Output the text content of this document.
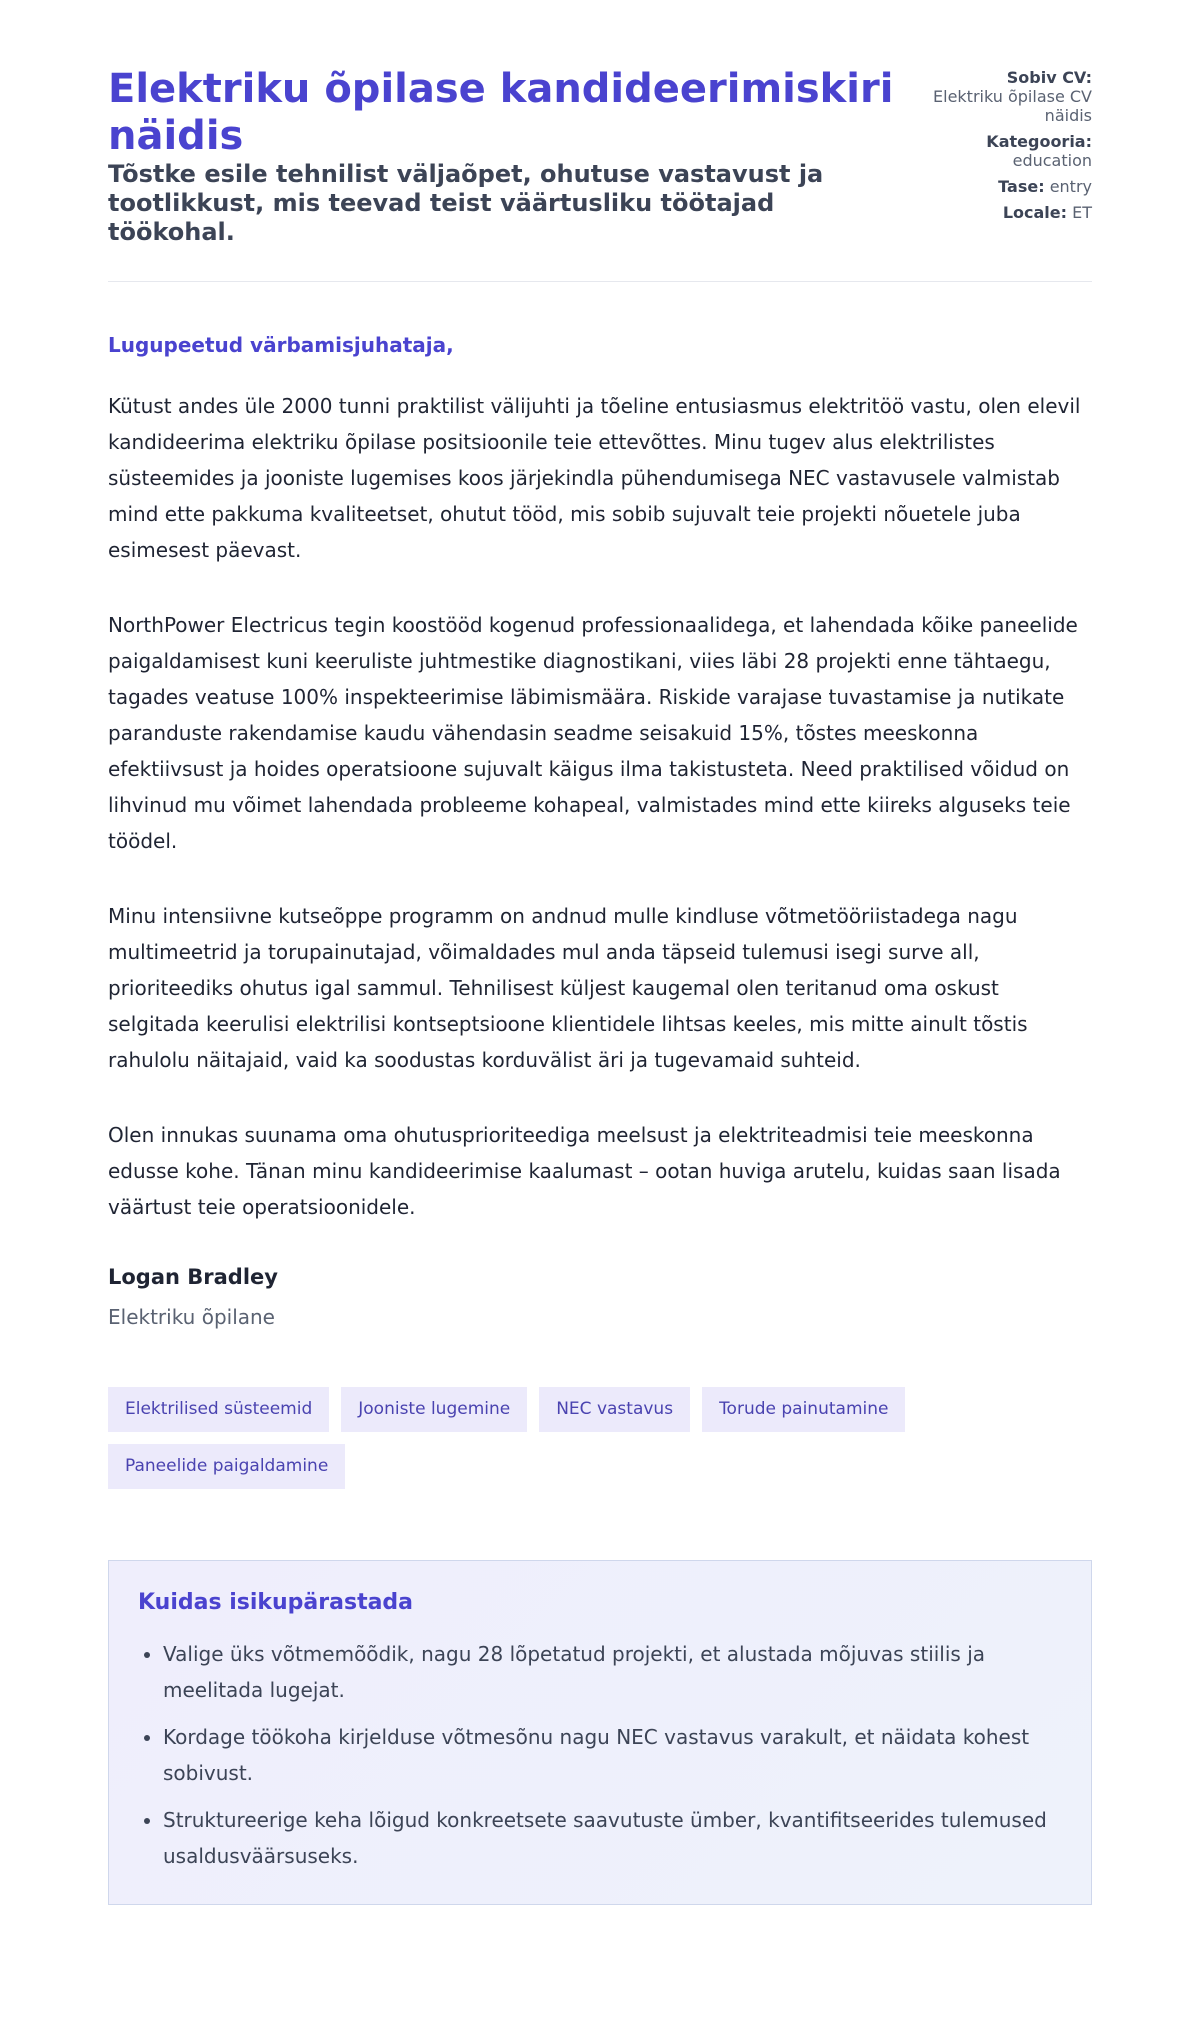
Elektriku õpilase kandideerimiskiri näidis
Tõstke esile tehnilist väljaõpet, ohutuse vastavust ja tootlikkust, mis teevad teist väärtusliku töötajad töökohal.
Sobiv CV:
Elektriku õpilase CV näidis
Kategooria:
education
Tase: entry
Locale: ET
Lugupeetud värbamisjuhataja,

Kütust andes üle 2000 tunni praktilist välijuhti ja tõeline entusiasmus elektritöö vastu, olen elevil kandideerima elektriku õpilase positsioonile teie ettevõttes. Minu tugev alus elektrilistes süsteemides ja jooniste lugemises koos järjekindla pühendumisega NEC vastavusele valmistab mind ette pakkuma kvaliteetset, ohutut tööd, mis sobib sujuvalt teie projekti nõuetele juba esimesest päevast.

NorthPower Electricus tegin koostööd kogenud professionaalidega, et lahendada kõike paneelide paigaldamisest kuni keeruliste juhtmestike diagnostikani, viies läbi 28 projekti enne tähtaegu, tagades veatuse 100% inspekteerimise läbimismäära. Riskide varajase tuvastamise ja nutikate paranduste rakendamise kaudu vähendasin seadme seisakuid 15%, tõstes meeskonna efektiivsust ja hoides operatsioone sujuvalt käigus ilma takistusteta. Need praktilised võidud on lihvinud mu võimet lahendada probleeme kohapeal, valmistades mind ette kiireks alguseks teie töödel.

Minu intensiivne kutseõppe programm on andnud mulle kindluse võtmetööriistadega nagu multimeetrid ja torupainutajad, võimaldades mul anda täpseid tulemusi isegi surve all, prioriteediks ohutus igal sammul. Tehnilisest küljest kaugemal olen teritanud oma oskust selgitada keerulisi elektrilisi kontseptsioone klientidele lihtsas keeles, mis mitte ainult tõstis rahulolu näitajaid, vaid ka soodustas korduvälist äri ja tugevamaid suhteid.

Olen innukas suunama oma ohutusprioriteediga meelsust ja elektriteadmisi teie meeskonna edusse kohe. Tänan minu kandideerimise kaalumast – ootan huviga arutelu, kuidas saan lisada väärtust teie operatsioonidele.

Logan Bradley
Elektriku õpilane
Elektrilised süsteemid	Jooniste lugemine	NEC vastavus	Torude painutamine
Paneelide paigaldamine
Kuidas isikupärastada
• Valige üks võtmemõõdik, nagu 28 lõpetatud projekti, et alustada mõjuvas stiilis ja meelitada lugejat.
• Kordage töökoha kirjelduse võtmesõnu nagu NEC vastavus varakult, et näidata kohest sobivust.
• Struktureerige keha lõigud konkreetsete saavutuste ümber, kvantifitseerides tulemused usaldusväärsuseks.
